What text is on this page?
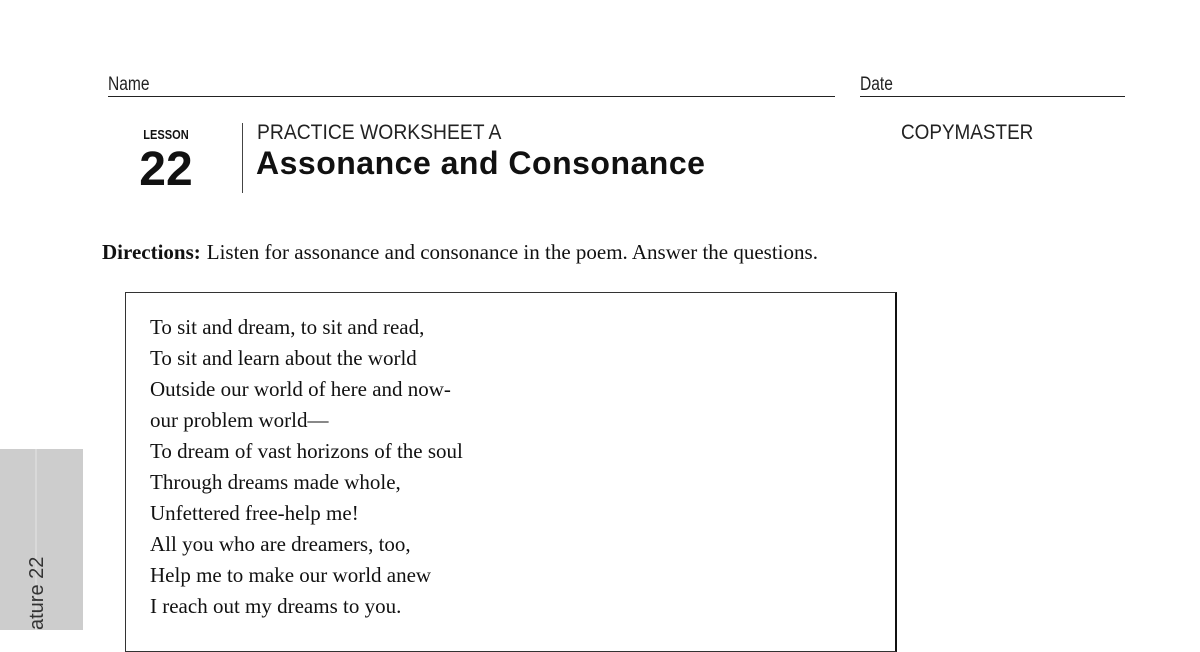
Name	Date
LESSON
22
PRACTICE WORKSHEET A
Assonance and Consonance
COPYMASTER
Directions: Listen for assonance and consonance in the poem. Answer the questions.
To sit and dream, to sit and read,
To sit and learn about the world
Outside our world of here and now-
our problem world—
To dream of vast horizons of the soul
Through dreams made whole,
Unfettered free-help me!
All you who are dreamers, too,
Help me to make our world anew
I reach out my dreams to you.
ature 22
